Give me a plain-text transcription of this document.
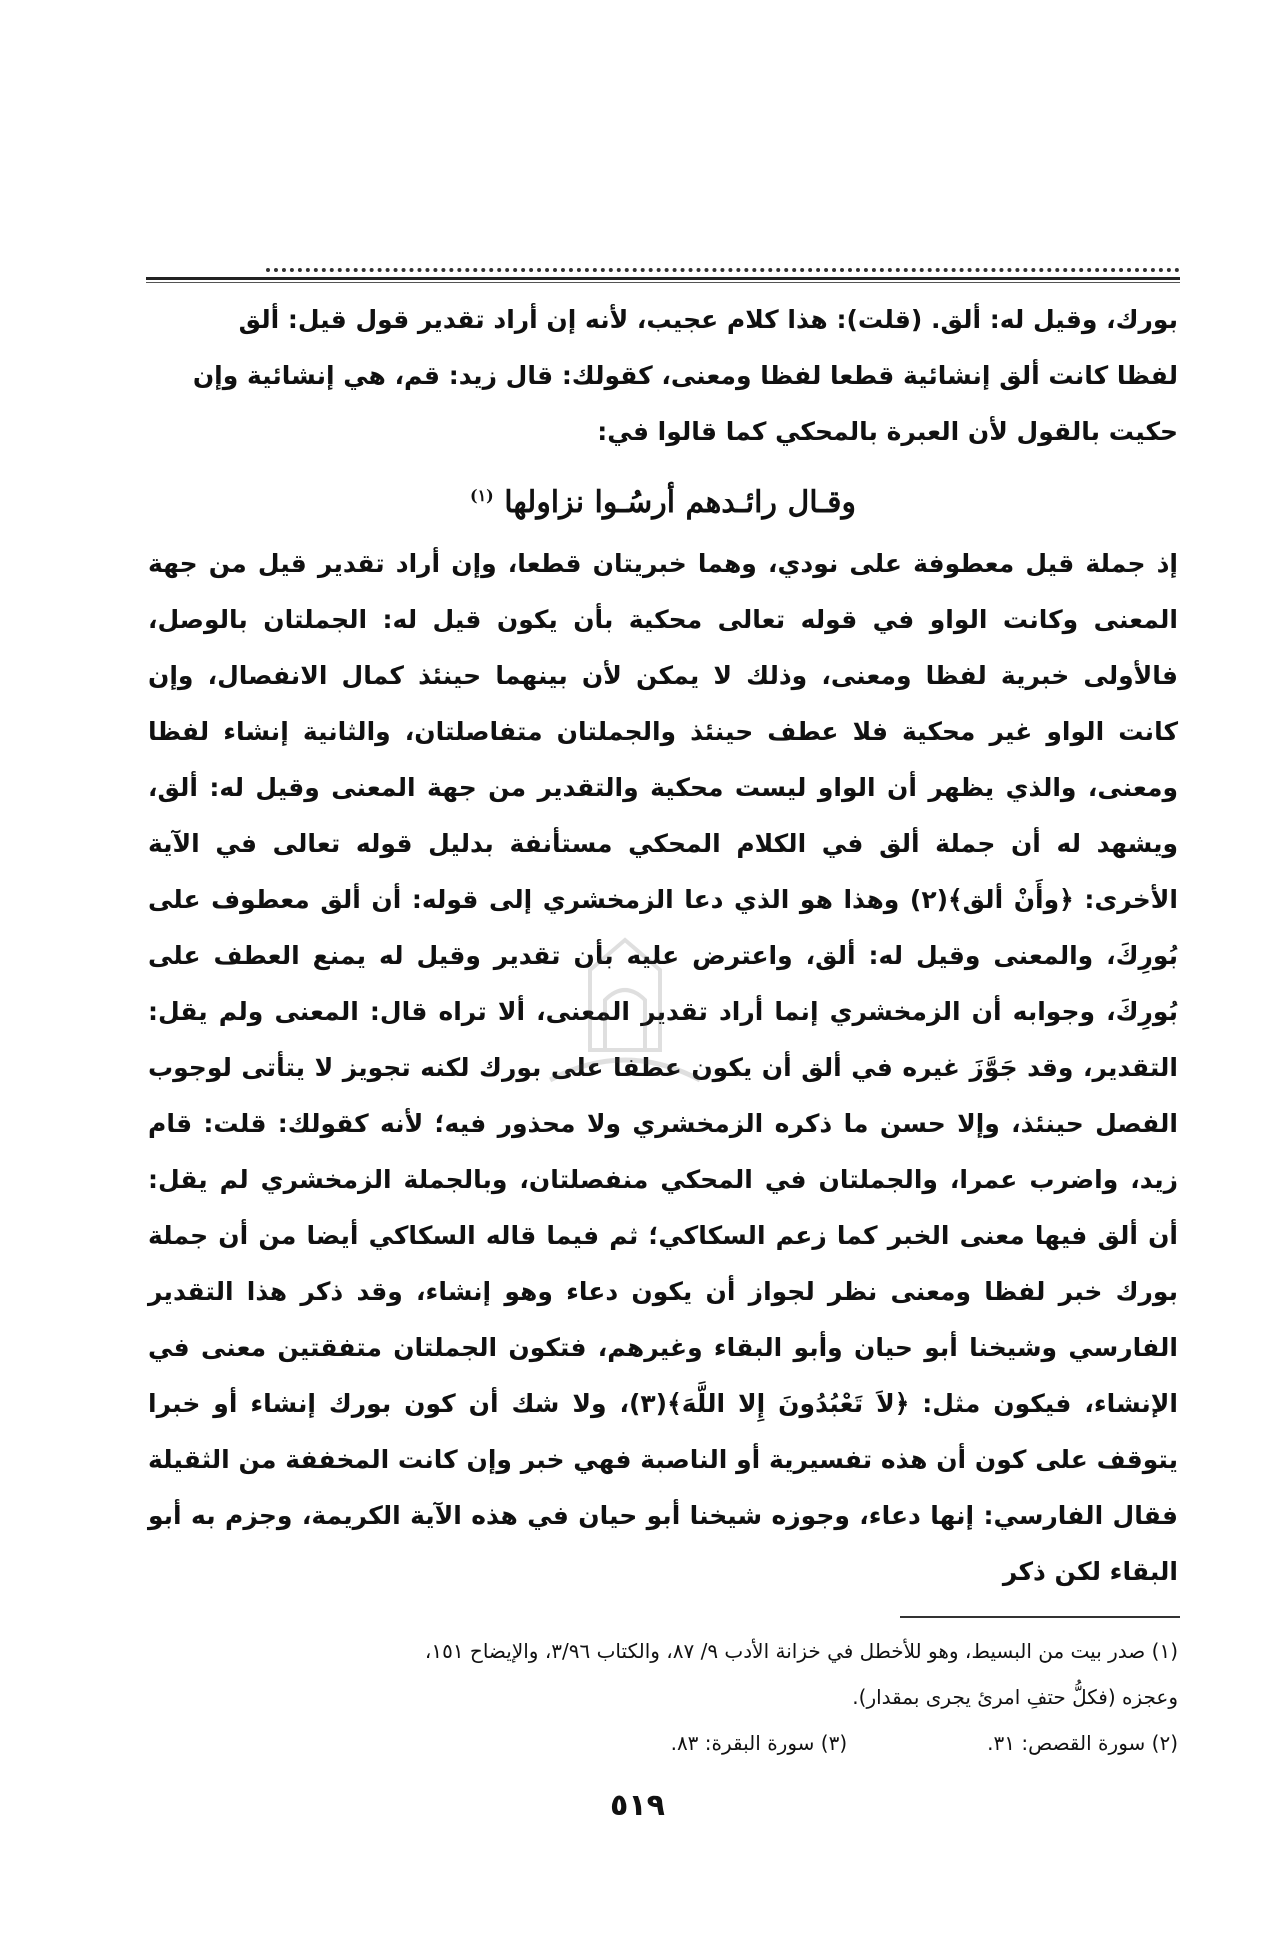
بورك، وقيل له: ألق. (قلت): هذا كلام عجيب، لأنه إن أراد تقدير قول قيل: ألق

لفظا كانت ألق إنشائية قطعا لفظا ومعنى، كقولك: قال زيد: قم، هي إنشائية وإن

حكيت بالقول لأن العبرة بالمحكي كما قالوا في:

وقـال رائـدهم أرسُـوا نزاولها $^{(١)}$

إذ جملة قيل معطوفة على نودي، وهما خبريتان قطعا، وإن أراد تقدير قيل من جهة المعنى وكانت الواو في قوله تعالى محكية بأن يكون قيل له: الجملتان بالوصل، فالأولى خبرية لفظا ومعنى، وذلك لا يمكن لأن بينهما حينئذ كمال الانفصال، وإن كانت الواو غير محكية فلا عطف حينئذ والجملتان متفاصلتان، والثانية إنشاء لفظا ومعنى، والذي يظهر أن الواو ليست محكية والتقدير من جهة المعنى وقيل له: ألق، ويشهد له أن جملة ألق في الكلام المحكي مستأنفة بدليل قوله تعالى في الآية الأخرى: ﴿وأَنْ ألق﴾(٢) وهذا هو الذي دعا الزمخشري إلى قوله: أن ألق معطوف على بُورِكَ، والمعنى وقيل له: ألق، واعترض عليه بأن تقدير وقيل له يمنع العطف على بُورِكَ، وجوابه أن الزمخشري إنما أراد تقدير المعنى، ألا تراه قال: المعنى ولم يقل: التقدير، وقد جَوَّزَ غيره في ألق أن يكون عطفا على بورك لكنه تجويز لا يتأتى لوجوب الفصل حينئذ، وإلا حسن ما ذكره الزمخشري ولا محذور فيه؛ لأنه كقولك: قلت: قام زيد، واضرب عمرا، والجملتان في المحكي منفصلتان، وبالجملة الزمخشري لم يقل: أن ألق فيها معنى الخبر كما زعم السكاكي؛ ثم فيما قاله السكاكي أيضا من أن جملة بورك خبر لفظا ومعنى نظر لجواز أن يكون دعاء وهو إنشاء، وقد ذكر هذا التقدير الفارسي وشيخنا أبو حيان وأبو البقاء وغيرهم، فتكون الجملتان متفقتين معنى في الإنشاء، فيكون مثل: ﴿لاَ تَعْبُدُونَ إِلا اللَّهَ﴾(٣)، ولا شك أن كون بورك إنشاء أو خبرا يتوقف على كون أن هذه تفسيرية أو الناصبة فهي خبر وإن كانت المخففة من الثقيلة فقال الفارسي: إنها دعاء، وجوزه شيخنا أبو حيان في هذه الآية الكريمة، وجزم به أبو البقاء لكن ذكر

(١) صدر بيت من البسيط، وهو للأخطل في خزانة الأدب ٩/ ٨٧، والكتاب ٣/٩٦، والإيضاح ١٥١،

وعجزه (فكلُّ حتفِ امرئ يجرى بمقدار).

(٢) سورة القصص: ٣١.
(٣) سورة البقرة: ٨٣.
٥١٩
